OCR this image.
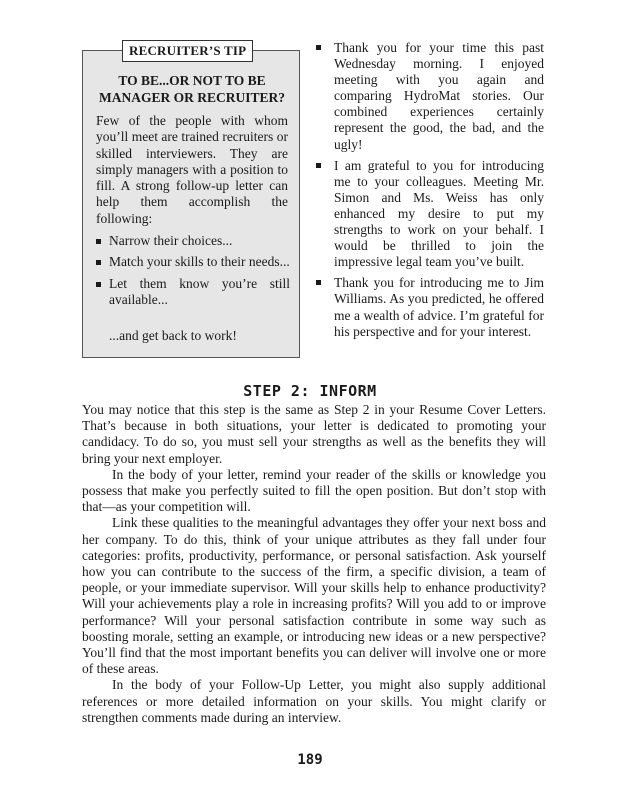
RECRUITER’S TIP
TO BE...OR NOT TO BE
MANAGER OR RECRUITER?
Few of the people with whom you’ll meet are trained recruiters or skilled interviewers. They are simply managers with a position to fill. A strong follow-up letter can help them accomplish the following:
Narrow their choices...
Match your skills to their needs...
Let them know you’re still available...
...and get back to work!
Thank you for your time this past Wednesday morning. I enjoyed meeting with you again and comparing HydroMat stories. Our combined experiences certainly represent the good, the bad, and the ugly!
I am grateful to you for introducing me to your colleagues. Meeting Mr. Simon and Ms. Weiss has only enhanced my desire to put my strengths to work on your behalf. I would be thrilled to join the impressive legal team you’ve built.
Thank you for introducing me to Jim Williams. As you predicted, he offered me a wealth of advice. I’m grateful for his perspective and for your interest.
STEP 2: INFORM

You may notice that this step is the same as Step 2 in your Resume Cover Letters. That’s because in both situations, your letter is dedicated to promoting your candidacy. To do so, you must sell your strengths as well as the benefits they will bring your next employer.

In the body of your letter, remind your reader of the skills or knowledge you possess that make you perfectly suited to fill the open position. But don’t stop with that—as your competition will.

Link these qualities to the meaningful advantages they offer your next boss and her company. To do this, think of your unique attributes as they fall under four categories: profits, productivity, performance, or personal satisfaction. Ask yourself how you can contribute to the success of the firm, a specific division, a team of people, or your immediate supervisor. Will your skills help to enhance productivity? Will your achievements play a role in increasing profits? Will you add to or improve performance? Will your personal satisfaction contribute in some way such as boosting morale, setting an example, or introducing new ideas or a new perspective? You’ll find that the most important benefits you can deliver will involve one or more of these areas.

In the body of your Follow-Up Letter, you might also supply additional references or more detailed information on your skills. You might clarify or strengthen comments made during an interview.

189
